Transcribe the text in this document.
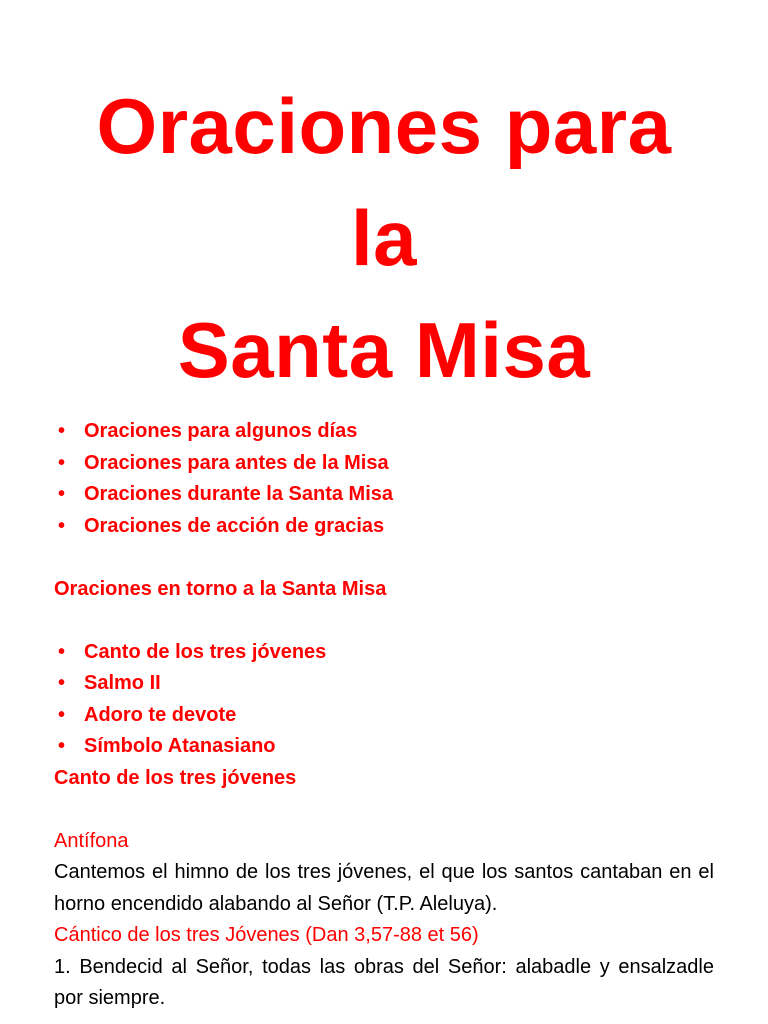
Oraciones para la
Santa Misa
• Oraciones para algunos días
• Oraciones para antes de la Misa
• Oraciones durante la Santa Misa
• Oraciones de acción de gracias

Oraciones en torno a la Santa Misa

• Canto de los tres jóvenes
• Salmo II
• Adoro te devote
• Símbolo Atanasiano

Canto de los tres jóvenes

Antífona

Cantemos el himno de los tres jóvenes, el que los santos cantaban en el horno encendido alabando al Señor (T.P. Aleluya).

Cántico de los tres Jóvenes (Dan 3,57-88 et 56)

1. Bendecid al Señor, todas las obras del Señor: alabadle y ensalzadle por siempre.
